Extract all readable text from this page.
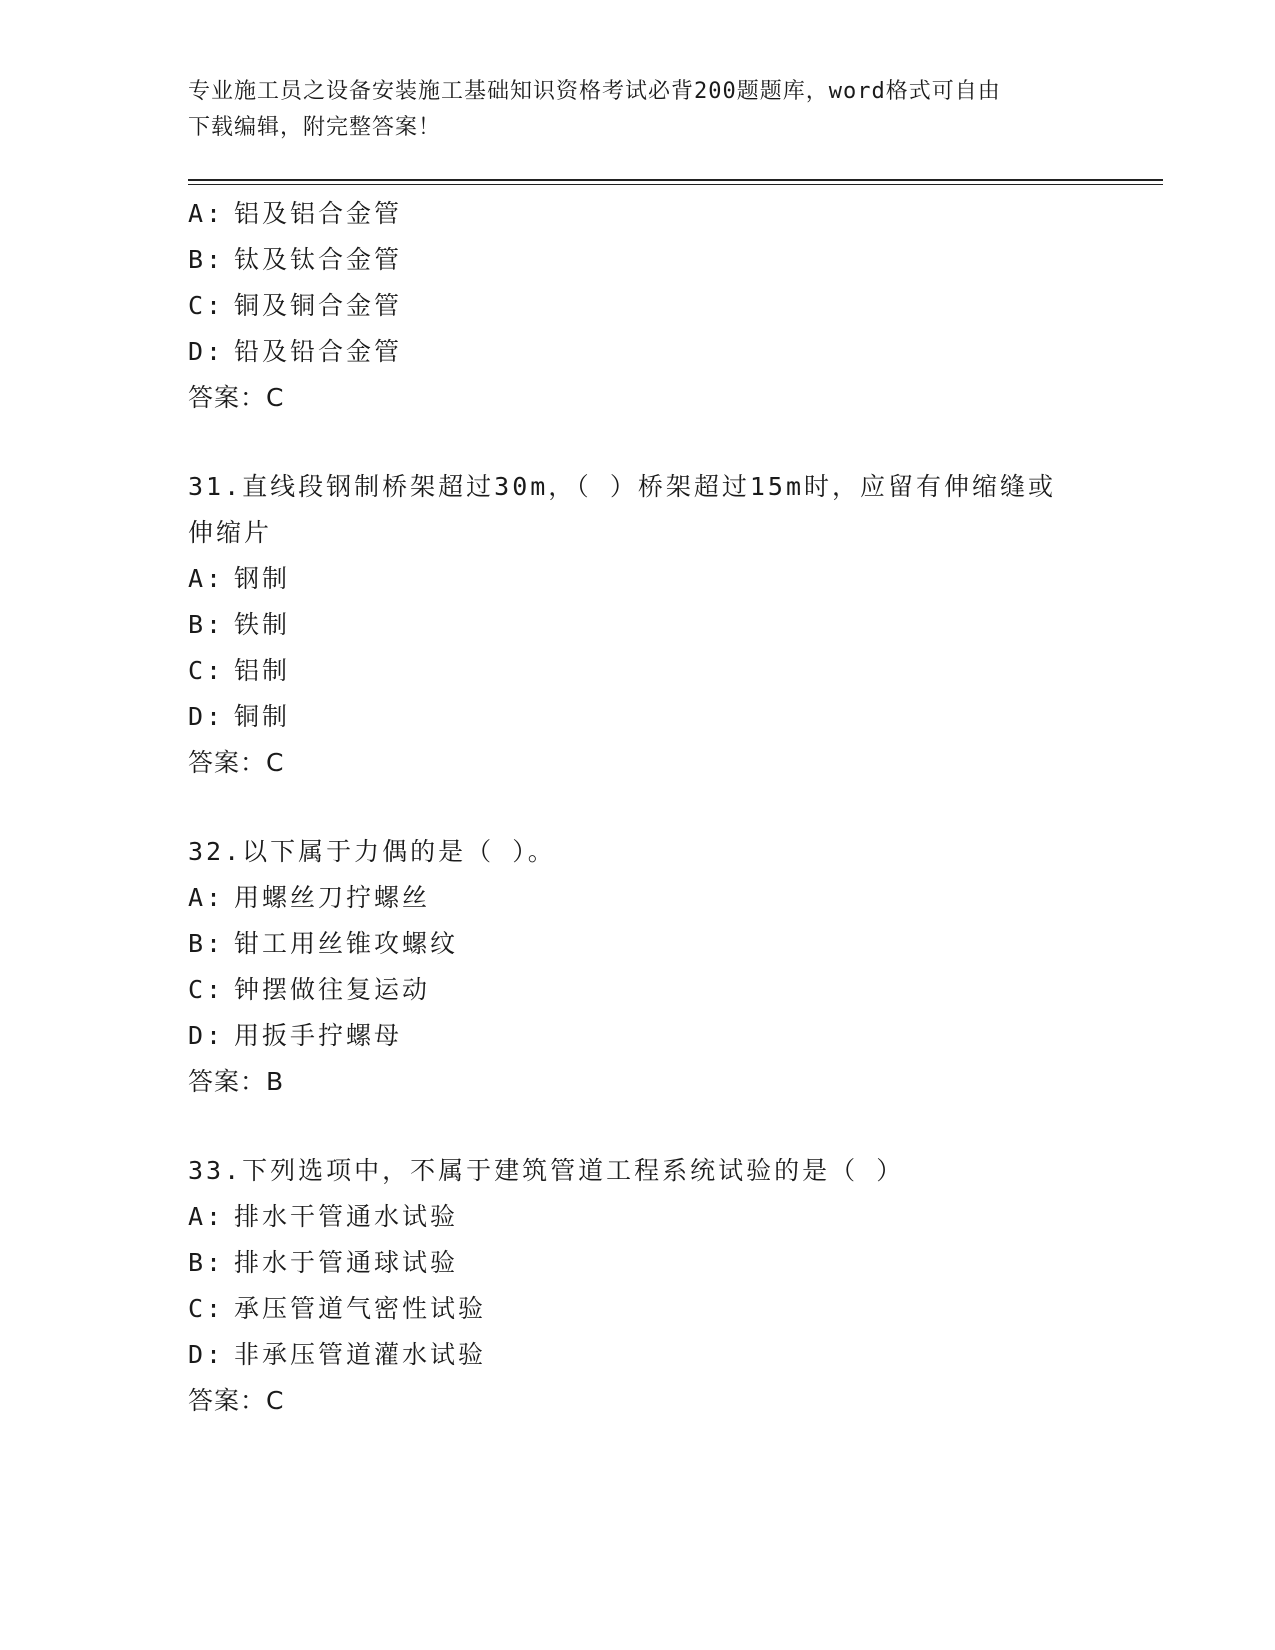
专业施工员之设备安装施工基础知识资格考试必背200题题库，word格式可自由
下载编辑，附完整答案！
A: 铝及铝合金管
B: 钛及钛合金管
C: 铜及铜合金管
D: 铅及铅合金管
答案：C
31.直线段钢制桥架超过30m，（ ）桥架超过15m时，应留有伸缩缝或
伸缩片
A: 钢制
B: 铁制
C: 铝制
D: 铜制
答案：C
32.以下属于力偶的是（ ）。
A: 用螺丝刀拧螺丝
B: 钳工用丝锥攻螺纹
C: 钟摆做往复运动
D: 用扳手拧螺母
答案：B
33.下列选项中，不属于建筑管道工程系统试验的是（ ）
A: 排水干管通水试验
B: 排水于管通球试验
C: 承压管道气密性试验
D: 非承压管道灌水试验
答案：C
